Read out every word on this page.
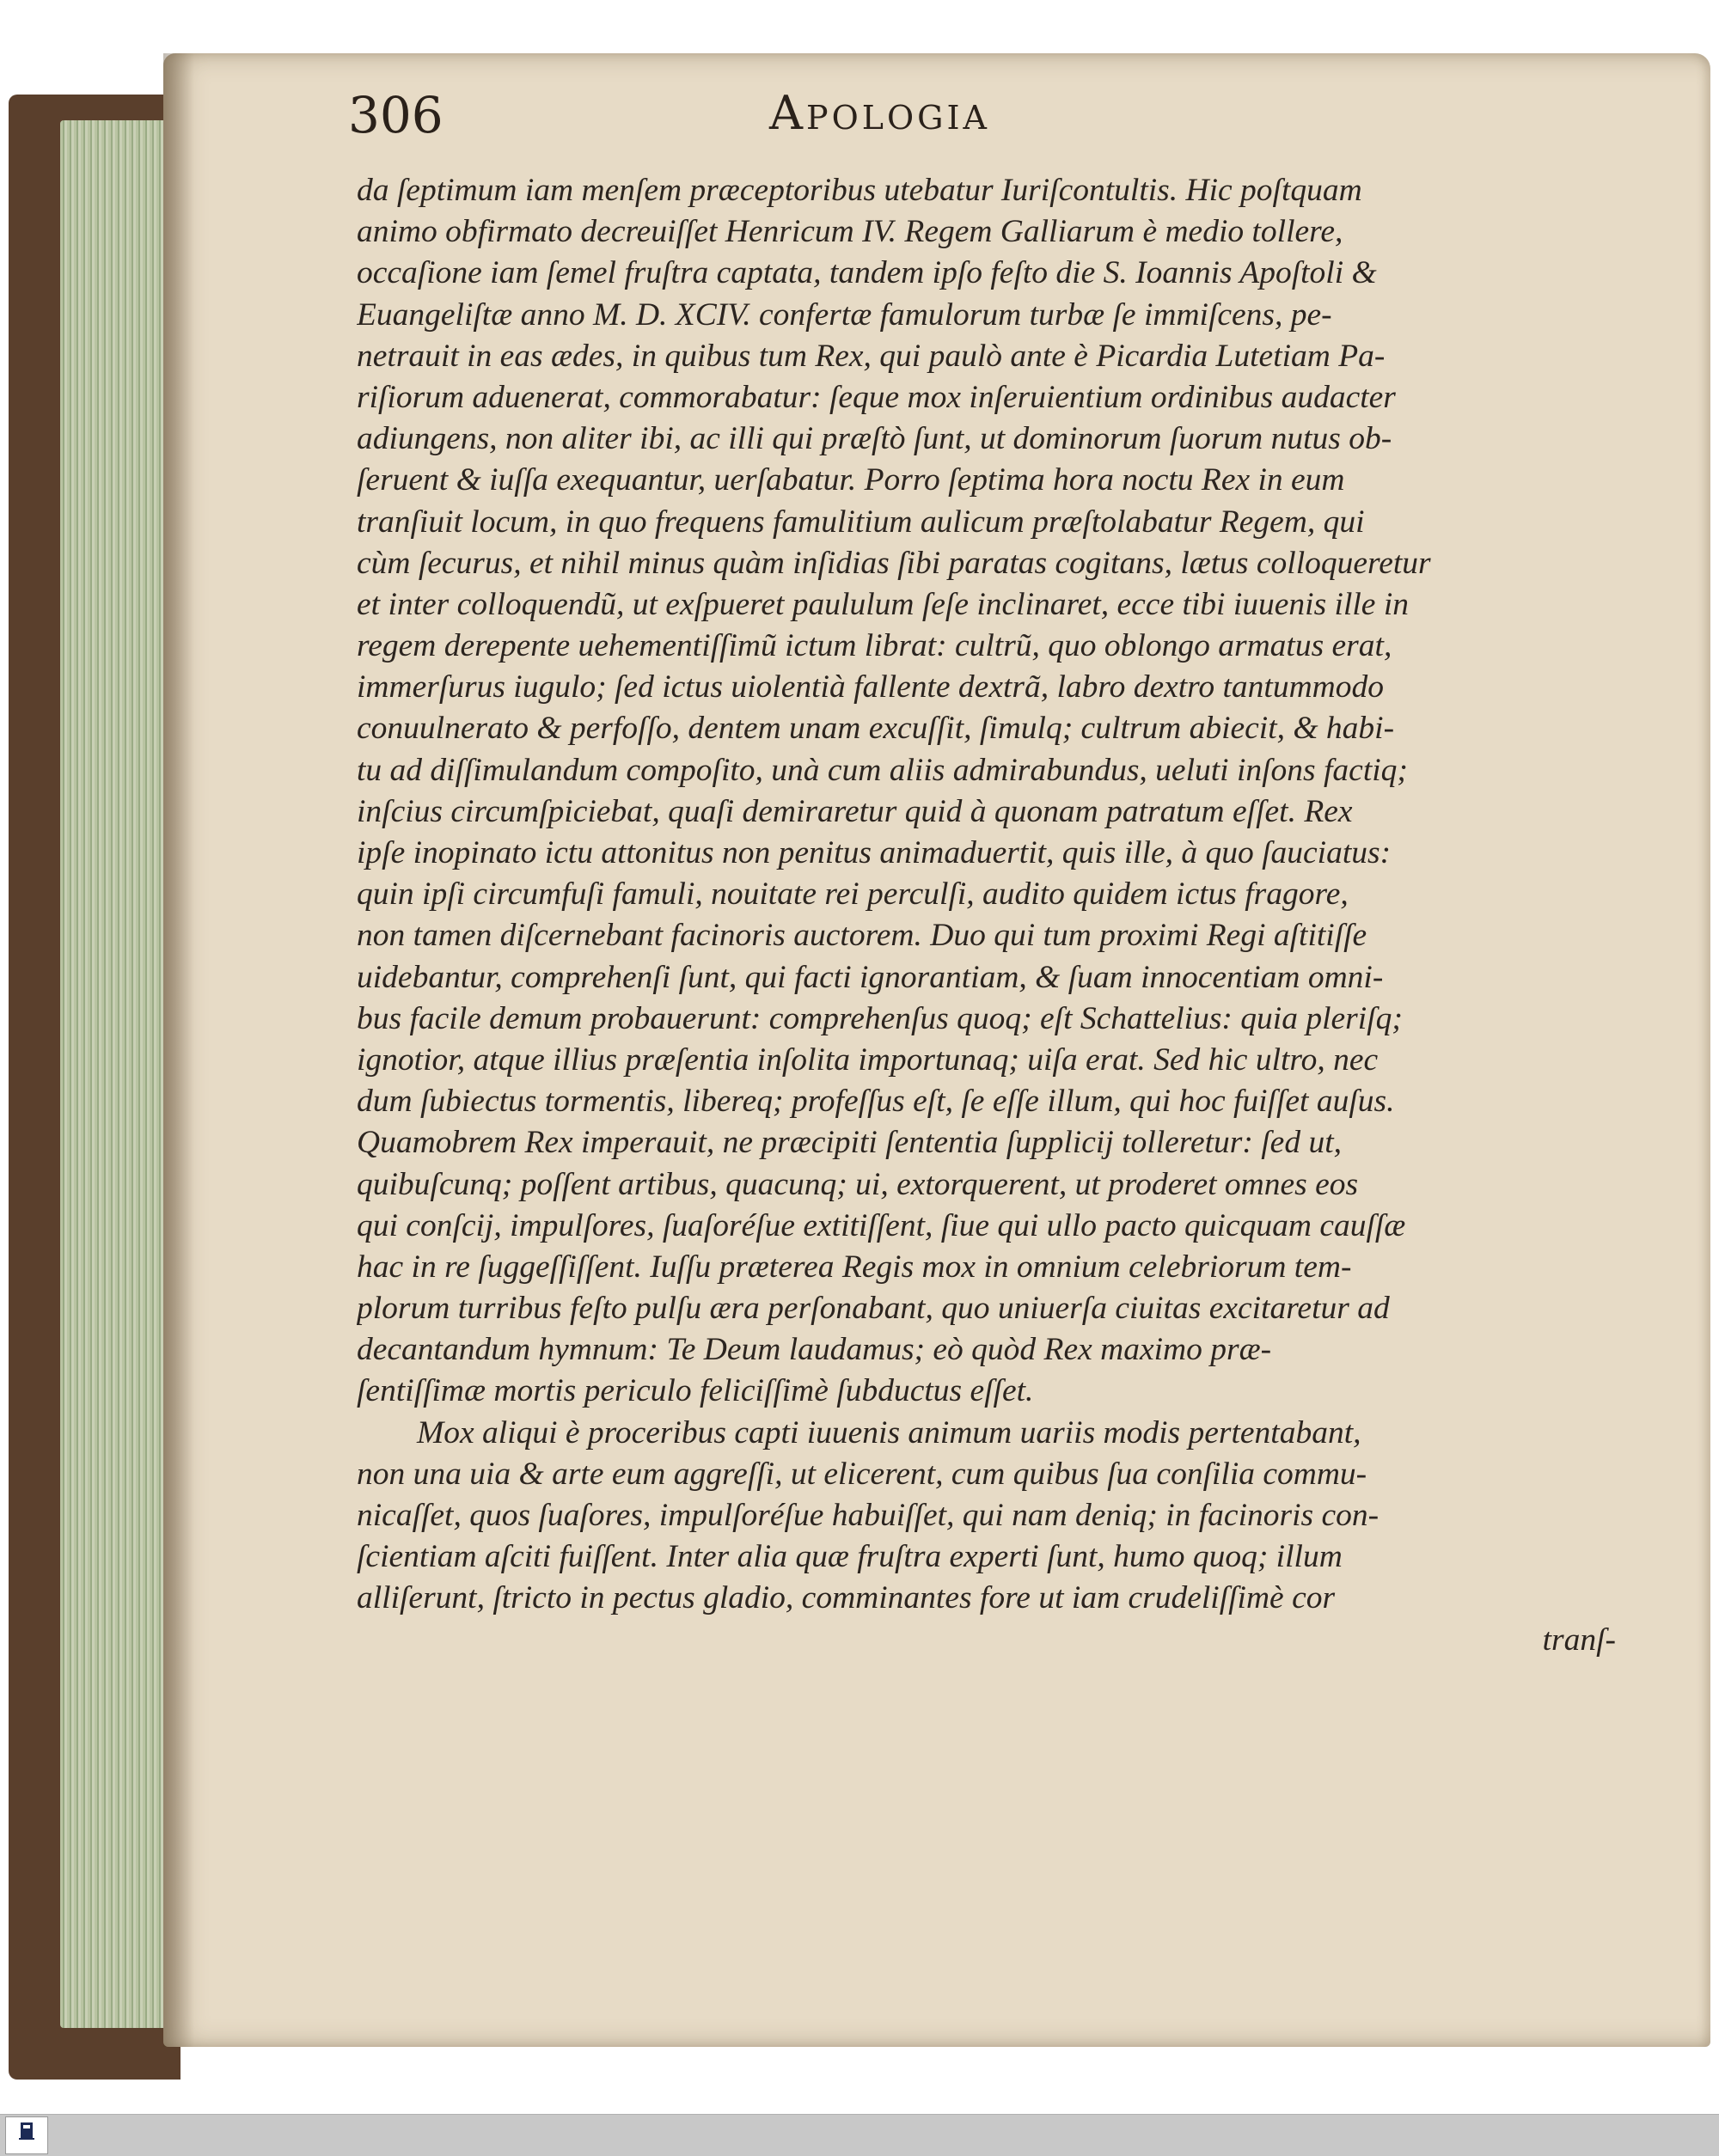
306	Apologia

da ſeptimum iam menſem præceptoribus utebatur Iuriſcontultis. Hic poſtquam
animo obfirmato decreuiſſet Henricum IV. Regem Galliarum è medio tollere,
occaſione iam ſemel fruſtra captata, tandem ipſo feſto die S. Ioannis Apoſtoli &
Euangeliſtæ anno M. D. XCIV. confertæ famulorum turbæ ſe immiſcens, pe-
netrauit in eas ædes, in quibus tum Rex, qui paulò ante è Picardia Lutetiam Pa-
riſiorum aduenerat, commorabatur: ſeque mox inſeruientium ordinibus audacter
adiungens, non aliter ibi, ac illi qui præſtò ſunt, ut dominorum ſuorum nutus ob-
ſeruent & iuſſa exequantur, uerſabatur. Porro ſeptima hora noctu Rex in eum
tranſiuit locum, in quo frequens famulitium aulicum præſtolabatur Regem, qui
cùm ſecurus, et nihil minus quàm inſidias ſibi paratas cogitans, lætus colloqueretur
et inter colloquendũ, ut exſpueret paululum ſeſe inclinaret, ecce tibi iuuenis ille in
regem derepente uehementiſſimũ ictum librat: cultrũ, quo oblongo armatus erat,
immerſurus iugulo; ſed ictus uiolentià fallente dextrã, labro dextro tantummodo
conuulnerato & perfoſſo, dentem unam excuſſit, ſimulq; cultrum abiecit, & habi-
tu ad diſſimulandum compoſito, unà cum aliis admirabundus, ueluti inſons factiq;
inſcius circumſpiciebat, quaſi demiraretur quid à quonam patratum eſſet. Rex
ipſe inopinato ictu attonitus non penitus animaduertit, quis ille, à quo ſauciatus:
quin ipſi circumfuſi famuli, nouitate rei perculſi, audito quidem ictus fragore,
non tamen diſcernebant facinoris auctorem. Duo qui tum proximi Regi aſtitiſſe
uidebantur, comprehenſi ſunt, qui facti ignorantiam, & ſuam innocentiam omni-
bus facile demum probauerunt: comprehenſus quoq; eſt Schattelius: quia pleriſq;
ignotior, atque illius præſentia inſolita importunaq; uiſa erat. Sed hic ultro, nec
dum ſubiectus tormentis, libereq; profeſſus eſt, ſe eſſe illum, qui hoc fuiſſet auſus.
Quamobrem Rex imperauit, ne præcipiti ſententia ſupplicij tolleretur: ſed ut,
quibuſcunq; poſſent artibus, quacunq; ui, extorquerent, ut proderet omnes eos
qui conſcij, impulſores, ſuaſoréſue extitiſſent, ſiue qui ullo pacto quicquam cauſſæ
hac in re ſuggeſſiſſent. Iuſſu præterea Regis mox in omnium celebriorum tem-
plorum turribus feſto pulſu æra perſonabant, quo uniuerſa ciuitas excitaretur ad
decantandum hymnum: Te Deum laudamus; eò quòd Rex maximo præ-
ſentiſſimæ mortis periculo feliciſſimè ſubductus eſſet.
Mox aliqui è proceribus capti iuuenis animum uariis modis pertentabant,
non una uia & arte eum aggreſſi, ut elicerent, cum quibus ſua conſilia commu-
nicaſſet, quos ſuaſores, impulſoréſue habuiſſet, qui nam deniq; in facinoris con-
ſcientiam aſciti fuiſſent. Inter alia quæ fruſtra experti ſunt, humo quoq; illum
alliſerunt, ſtricto in pectus gladio, comminantes fore ut iam crudeliſſimè cor
tranſ-
